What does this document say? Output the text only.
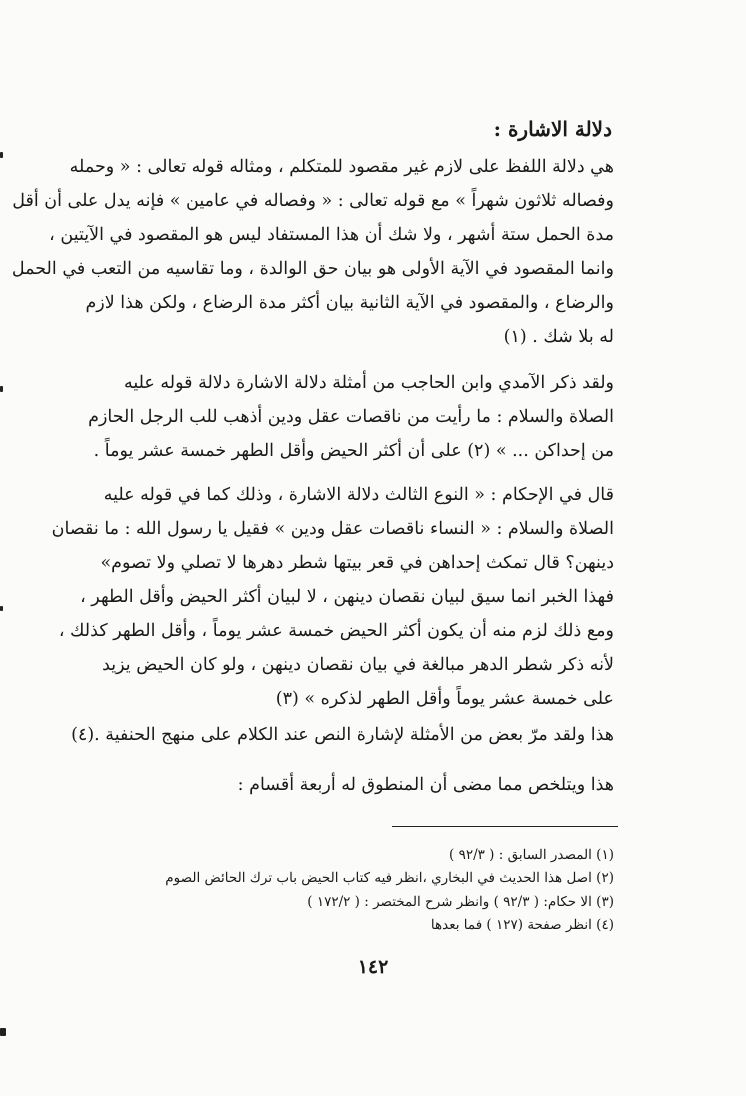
دلالة الاشارة :
هي دلالة اللفظ على لازم غير مقصود للمتكلم ، ومثاله قوله تعالى : « وحمله
وفصاله ثلاثون شهراً » مع قوله تعالى : « وفصاله في عامين » فإنه يدل على أن أقل
مدة الحمل ستة أشهر ، ولا شك أن هذا المستفاد ليس هو المقصود في الآيتين ،
وانما المقصود في الآية الأولى هو بيان حق الوالدة ، وما تقاسيه من التعب في الحمل
والرضاع ، والمقصود في الآية الثانية بيان أكثر مدة الرضاع ، ولكن هذا لازم
له بلا شك . (١)
ولقد ذكر الآمدي وابن الحاجب من أمثلة دلالة الاشارة دلالة قوله عليه
الصلاة والسلام : ما رأيت من ناقصات عقل ودين أذهب للب الرجل الحازم
من إحداكن ... » (٢) على أن أكثر الحيض وأقل الطهر خمسة عشر يوماً .
قال في الإحكام : « النوع الثالث دلالة الاشارة ، وذلك كما في قوله عليه
الصلاة والسلام : « النساء ناقصات عقل ودين » فقيل يا رسول الله : ما نقصان
دينهن؟ قال تمكث إحداهن في قعر بيتها شطر دهرها لا تصلي ولا تصوم»
فهذا الخبر انما سيق لبيان نقصان دينهن ، لا لبيان أكثر الحيض وأقل الطهر ،
ومع ذلك لزم منه أن يكون أكثر الحيض خمسة عشر يوماً ، وأقل الطهر كذلك ،
لأنه ذكر شطر الدهر مبالغة في بيان نقصان دينهن ، ولو كان الحيض يزيد
على خمسة عشر يوماً وأقل الطهر لذكره » (٣)
هذا ولقد مرّ بعض من الأمثلة لإشارة النص عند الكلام على منهج الحنفية .(٤)
هذا ويتلخص مما مضى أن المنطوق له أربعة أقسام :
(١) المصدر السابق : ( ٩٢/٣ )
(٢) اصل هذا الحديث في البخاري ،انظر فيه كتاب الحيض باب ترك الحائض الصوم
(٣) الا حكام: ( ٩٢/٣ ) وانظر شرح المختصر : ( ١٧٢/٢ )
(٤) انظر صفحة (١٢٧ ) فما بعدها
١٤٢
